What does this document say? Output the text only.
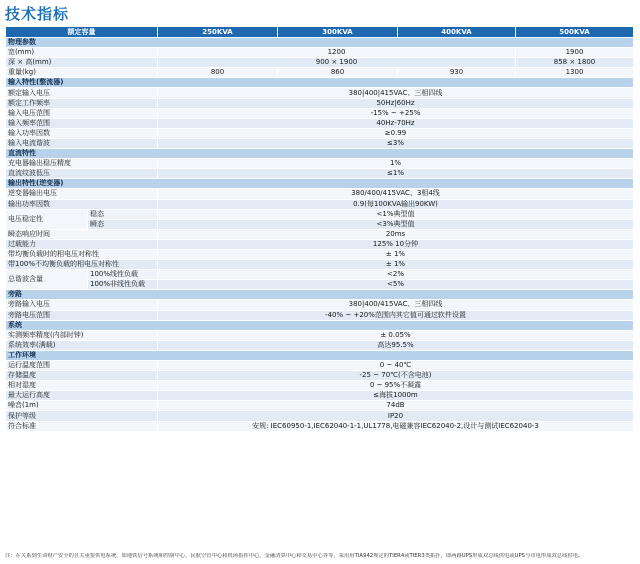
技术指标
额定容量		250KVA	300KVA	400KVA	500KVA
物理参数					
宽(mm)		1200			1900
深 × 高(mm)		900 × 1900			858 × 1800
重量(kg)		800	860	930	1300
输入特性(整流器)					
额定输入电压		380|400|415VAC、三相四线			
额定工作频率		50Hz|60Hz			
输入电压范围		-15% ~ +25%			
输入频率范围		40Hz-70Hz			
输入功率因数		≥0.99			
输入电流谐波		≤3%			
直流特性					
充电器输出稳压精度		1%			
直流纹波低压		≤1%			
输出特性(逆变器)					
逆变器输出电压		380/400/415VAC、3相4线			
输出功率因数		0.9(每100KVA输出90KW)			
电压稳定性	稳态	<1%典型值			
	瞬态	<3%典型值			
瞬态响应时间		20ms			
过载能力		125% 10分钟			
带均衡负载时的相电压对称性		± 1%			
带100%不均衡负载的相电压对称性		± 1%			
总谐波含量	100%线性负载	<2%			
	100%非线性负载	<5%			
旁路					
旁路输入电压		380|400/415VAC、三相四线			
旁路电压范围		-40% ~ +20%范围内其它值可通过软件设置			
系统					
实测频率精度(内部时钟)		± 0.05%			
系统效率(满载)		高达95.5%			
工作环境					
运行温度范围		0 ~ 40℃			
存储温度		-25 ~ 70℃(不含电池)			
相对湿度		0 ~ 95%不凝露			
最大运行高度		≤海拔1000m			
噪音(1m)		74dB			
保护等级		IP20			
符合标准		安规: IEC60950-1,IEC62040-1-1,UL1778,电磁兼容IEC62040-2,设计与测试IEC62040-3			
注：在关系到生命财产安全的且关重要供电系统，如地铁信号系统和控制中心，民航空管中心和机场指挥中心，金融清算中心和交易中心等等，采用用TIA942规定的TIER4或TIER3类拓扑，即两路UPS形成双总线供电或UPS与市电形成双总线供电。
